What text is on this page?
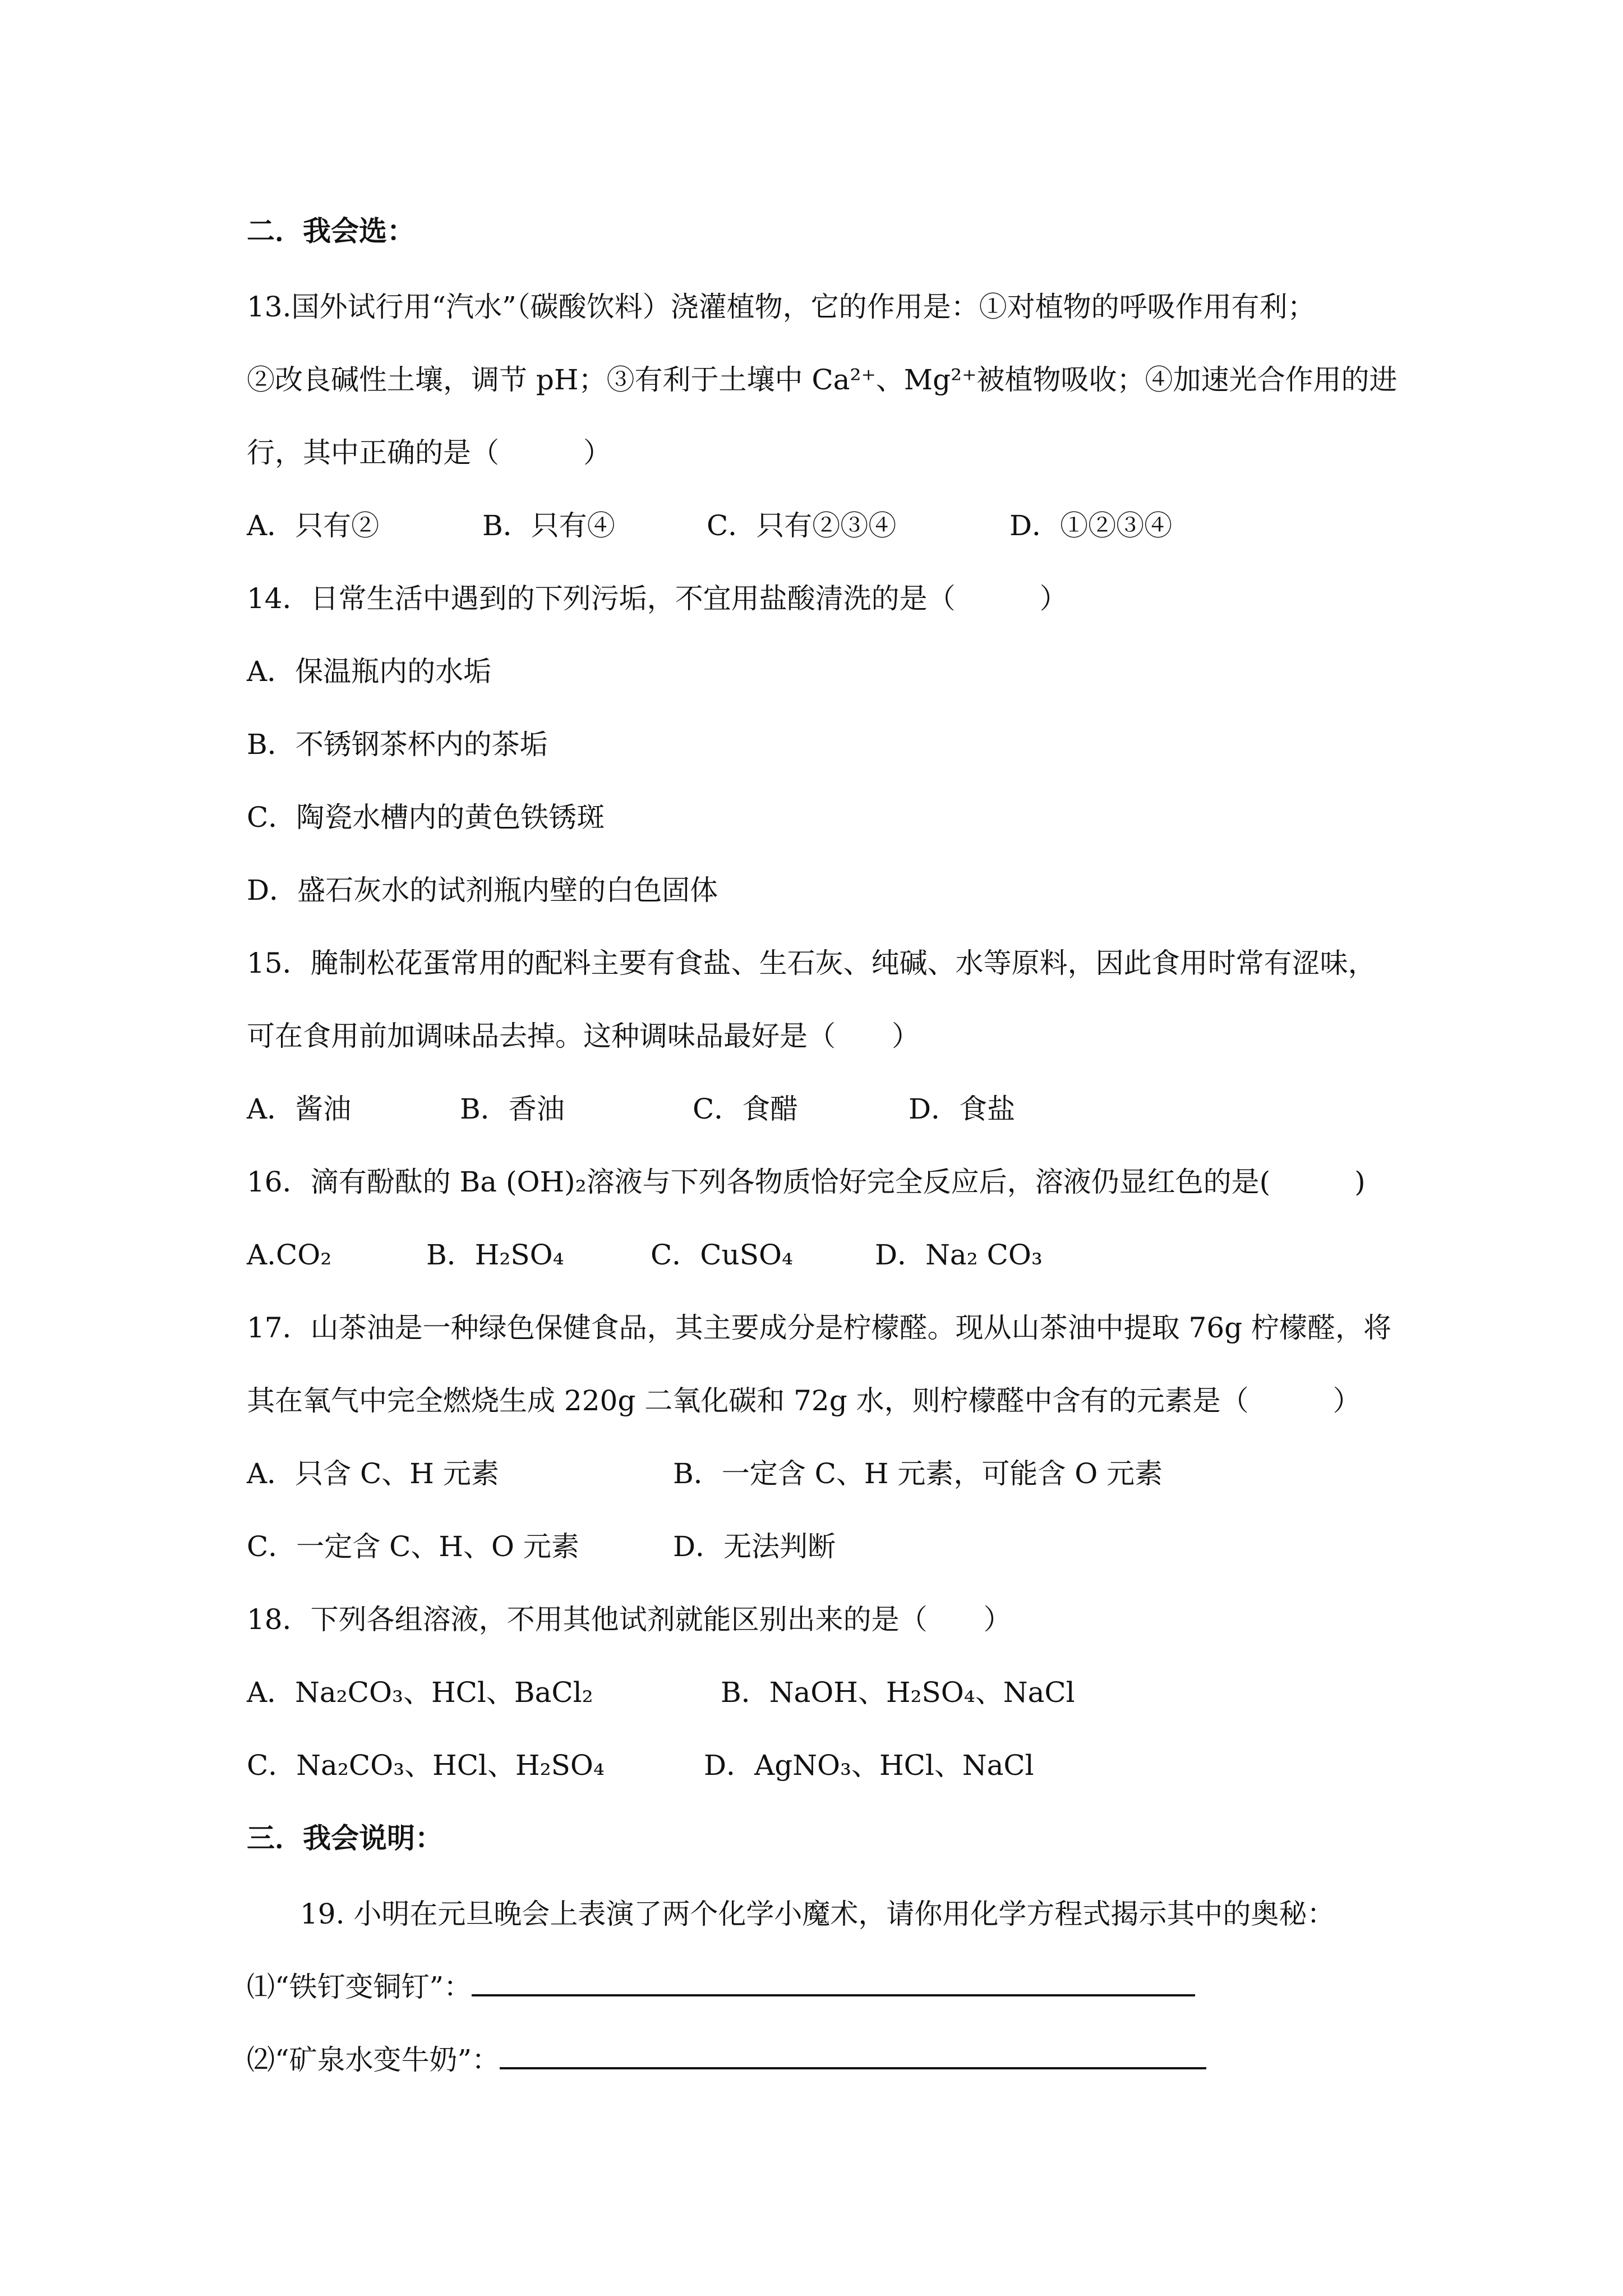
二．我会选：
13.国外试行用“汽水”（碳酸饮料）浇灌植物，它的作用是：①对植物的呼吸作用有利；
②改良碱性土壤，调节 pH；③有利于土壤中 Ca²⁺、Mg²⁺被植物吸收；④加速光合作用的进
行，其中正确的是（　　　）
A．只有②	B．只有④	C．只有②③④	D．①②③④
14．日常生活中遇到的下列污垢，不宜用盐酸清洗的是（　　　）
A．保温瓶内的水垢
B．不锈钢茶杯内的茶垢
C．陶瓷水槽内的黄色铁锈斑
D．盛石灰水的试剂瓶内壁的白色固体
15．腌制松花蛋常用的配料主要有食盐、生石灰、纯碱、水等原料，因此食用时常有涩味，
可在食用前加调味品去掉。这种调味品最好是（　　）
A．酱油	B．香油	C．食醋	D．食盐
16．滴有酚酞的 Ba (OH)₂溶液与下列各物质恰好完全反应后，溶液仍显红色的是(　　　)
A.CO₂	B．H₂SO₄	C．CuSO₄	D．Na₂ CO₃
17．山茶油是一种绿色保健食品，其主要成分是柠檬醛。现从山茶油中提取 76g 柠檬醛，将
其在氧气中完全燃烧生成 220g 二氧化碳和 72g 水，则柠檬醛中含有的元素是（　　　）
A．只含 C、H 元素	B．一定含 C、H 元素，可能含 O 元素
C．一定含 C、H、O 元素	D．无法判断
18．下列各组溶液，不用其他试剂就能区别出来的是（　　）
A．Na₂CO₃、HCl、BaCl₂	B．NaOH、H₂SO₄、NaCl
C．Na₂CO₃、HCl、H₂SO₄	D．AgNO₃、HCl、NaCl
三．我会说明：
19. 小明在元旦晚会上表演了两个化学小魔术，请你用化学方程式揭示其中的奥秘：
⑴“铁钉变铜钉”：
⑵“矿泉水变牛奶”：
